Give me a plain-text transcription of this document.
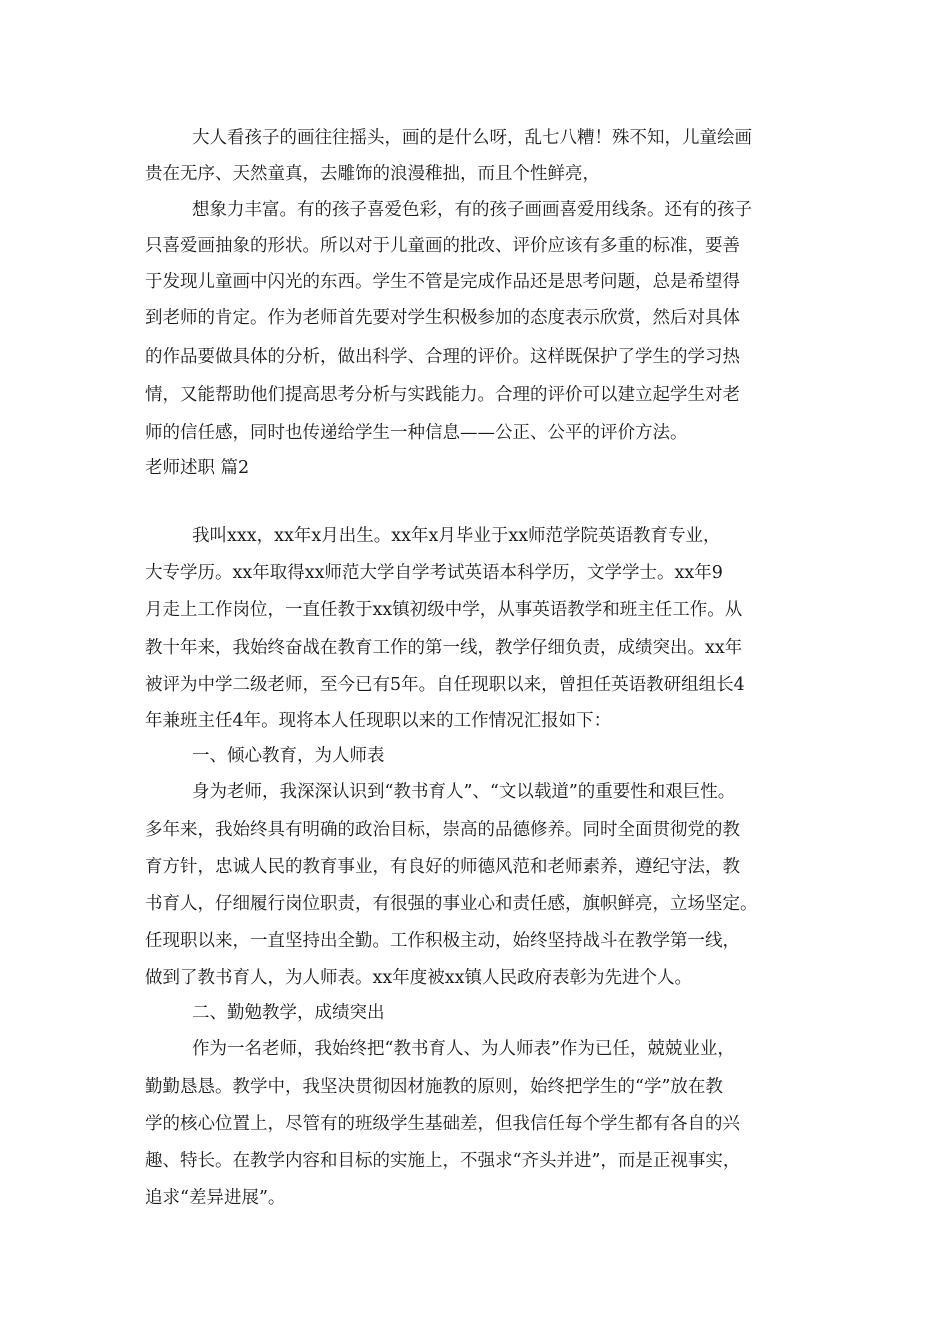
大人看孩子的画往往摇头，画的是什么呀，乱七八糟！殊不知，儿童绘画
贵在无序、天然童真，去雕饰的浪漫稚拙，而且个性鲜亮，
想象力丰富。有的孩子喜爱色彩，有的孩子画画喜爱用线条。还有的孩子
只喜爱画抽象的形状。所以对于儿童画的批改、评价应该有多重的标准，要善
于发现儿童画中闪光的东西。学生不管是完成作品还是思考问题，总是希望得
到老师的肯定。作为老师首先要对学生积极参加的态度表示欣赏，然后对具体
的作品要做具体的分析，做出科学、合理的评价。这样既保护了学生的学习热
情，又能帮助他们提高思考分析与实践能力。合理的评价可以建立起学生对老
师的信任感，同时也传递给学生一种信息——公正、公平的评价方法。
老师述职 篇2
我叫xxx，xx年x月出生。xx年x月毕业于xx师范学院英语教育专业，
大专学历。xx年取得xx师范大学自学考试英语本科学历，文学学士。xx年9
月走上工作岗位，一直任教于xx镇初级中学，从事英语教学和班主任工作。从
教十年来，我始终奋战在教育工作的第一线，教学仔细负责，成绩突出。xx年
被评为中学二级老师，至今已有5年。自任现职以来，曾担任英语教研组组长4
年兼班主任4年。现将本人任现职以来的工作情况汇报如下：
一、倾心教育，为人师表
身为老师，我深深认识到“教书育人”、“文以载道”的重要性和艰巨性。
多年来，我始终具有明确的政治目标，崇高的品德修养。同时全面贯彻党的教
育方针，忠诚人民的教育事业，有良好的师德风范和老师素养，遵纪守法，教
书育人，仔细履行岗位职责，有很强的事业心和责任感，旗帜鲜亮，立场坚定。
任现职以来，一直坚持出全勤。工作积极主动，始终坚持战斗在教学第一线，
做到了教书育人，为人师表。xx年度被xx镇人民政府表彰为先进个人。
二、勤勉教学，成绩突出
作为一名老师，我始终把“教书育人、为人师表”作为已任，兢兢业业，
勤勤恳恳。教学中，我坚决贯彻因材施教的原则，始终把学生的“学”放在教
学的核心位置上，尽管有的班级学生基础差，但我信任每个学生都有各自的兴
趣、特长。在教学内容和目标的实施上，不强求“齐头并进”，而是正视事实，
追求“差异进展”。
